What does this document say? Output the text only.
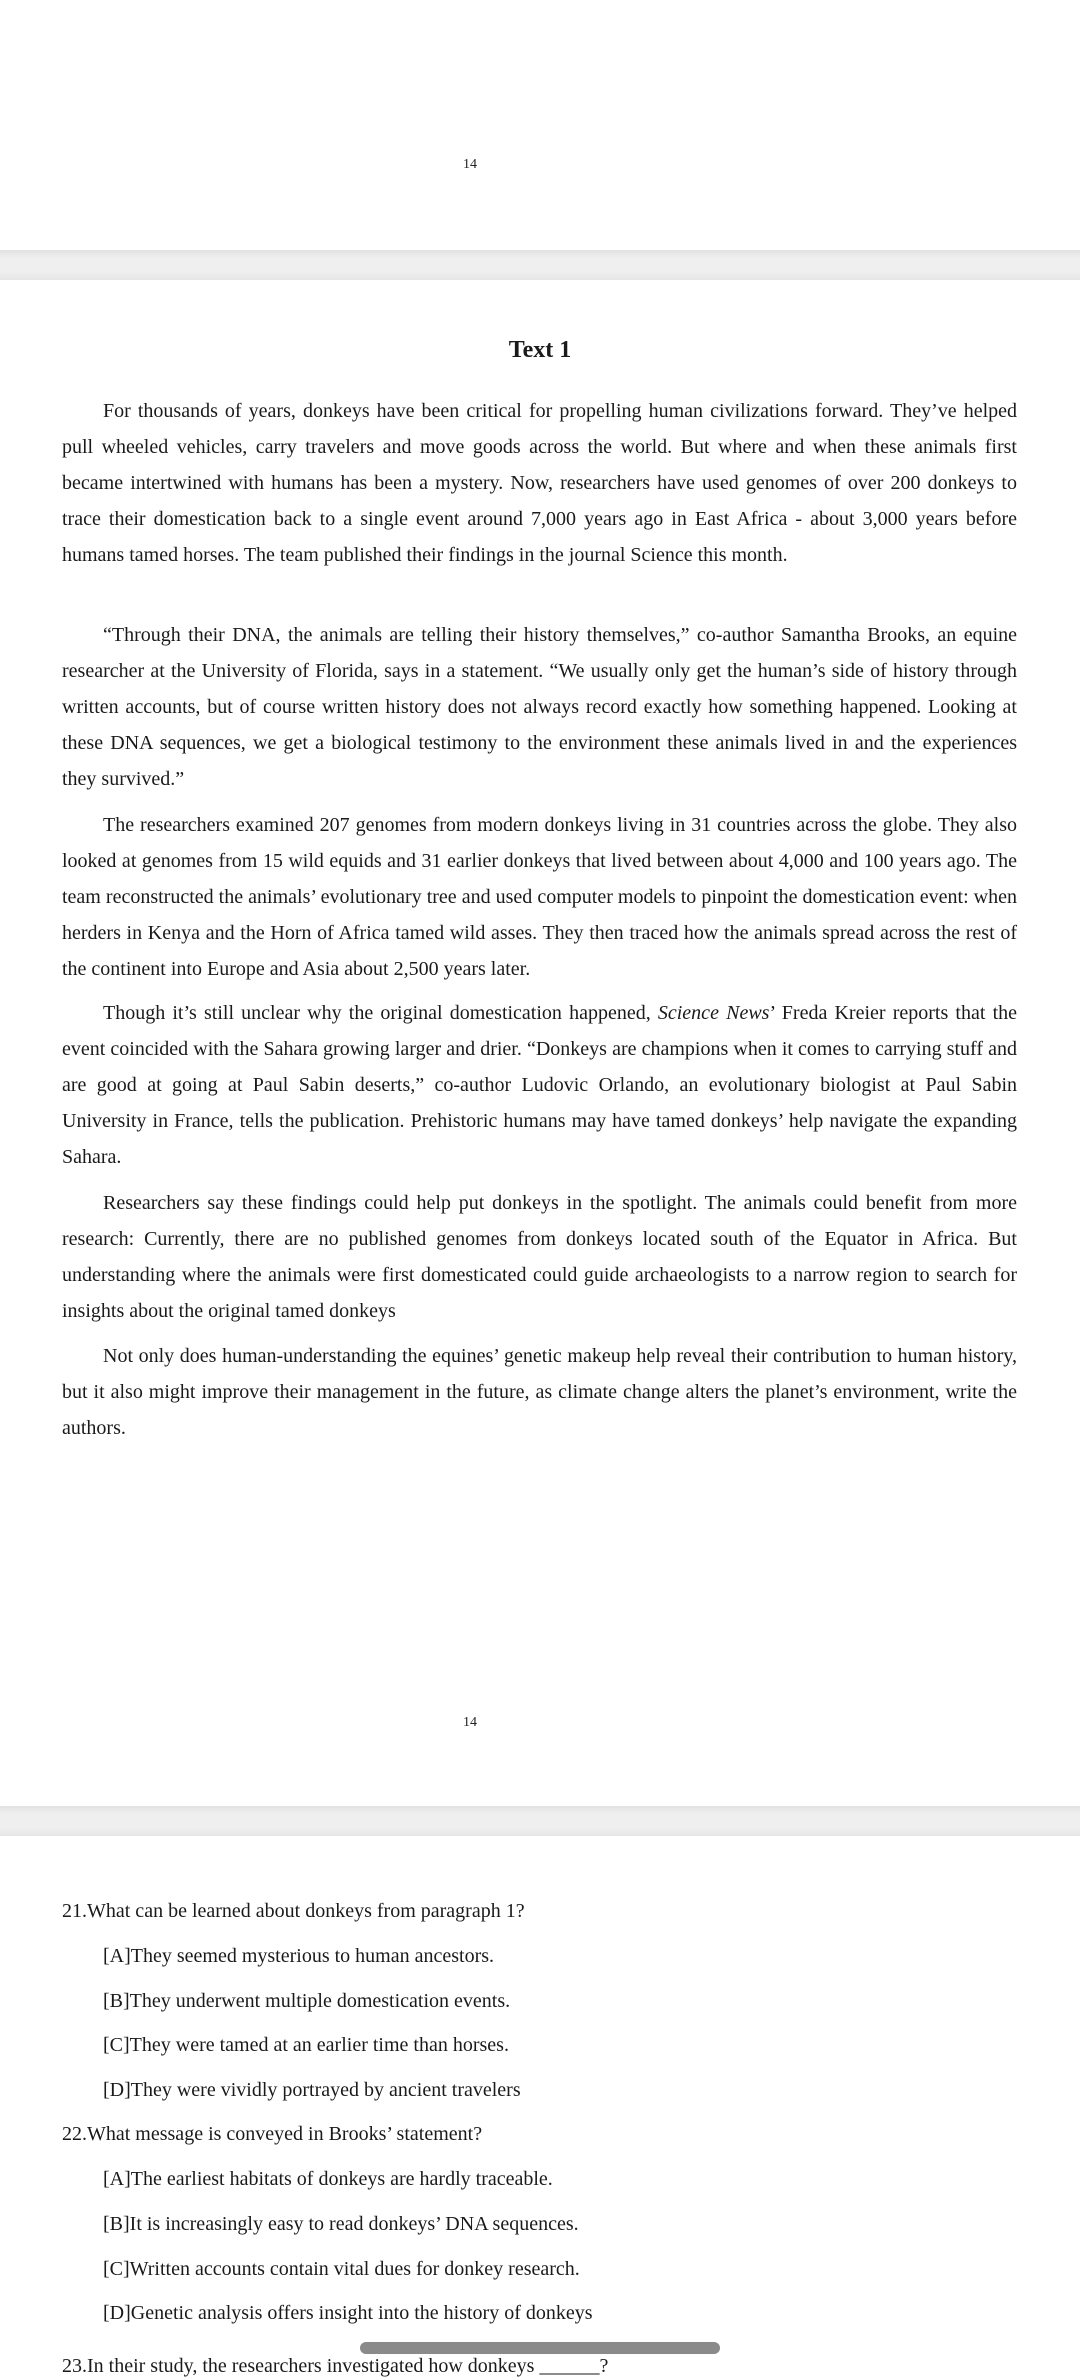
14
Text 1

For thousands of years, donkeys have been critical for propelling human civilizations forward. They’ve helped pull wheeled vehicles, carry travelers and move goods across the world. But where and when these animals first became intertwined with humans has been a mystery. Now, researchers have used genomes of over 200 donkeys to trace their domestication back to a single event around 7,000 years ago in East Africa - about 3,000 years before humans tamed horses. The team published their findings in the journal Science this month.

“Through their DNA, the animals are telling their history themselves,” co-author Samantha Brooks, an equine researcher at the University of Florida, says in a statement. “We usually only get the human’s side of history through written accounts, but of course written history does not always record exactly how something happened. Looking at these DNA sequences, we get a biological testimony to the environment these animals lived in and the experiences they survived.”

The researchers examined 207 genomes from modern donkeys living in 31 countries across the globe. They also looked at genomes from 15 wild equids and 31 earlier donkeys that lived between about 4,000 and 100 years ago. The team reconstructed the animals’ evolutionary tree and used computer models to pinpoint the domestication event: when herders in Kenya and the Horn of Africa tamed wild asses. They then traced how the animals spread across the rest of the continent into Europe and Asia about 2,500 years later.

Though it’s still unclear why the original domestication happened, Science News’ Freda Kreier reports that the event coincided with the Sahara growing larger and drier. “Donkeys are champions when it comes to carrying stuff and are good at going at Paul Sabin deserts,” co-author Ludovic Orlando, an evolutionary biologist at Paul Sabin University in France, tells the publication. Prehistoric humans may have tamed donkeys’ help navigate the expanding Sahara.

Researchers say these findings could help put donkeys in the spotlight. The animals could benefit from more research: Currently, there are no published genomes from donkeys located south of the Equator in Africa. But understanding where the animals were first domesticated could guide archaeologists to a narrow region to search for insights about the original tamed donkeys

Not only does human-understanding the equines’ genetic makeup help reveal their contribution to human history, but it also might improve their management in the future, as climate change alters the planet’s environment, write the authors.

14
21.What can be learned about donkeys from paragraph 1?
[A]They seemed mysterious to human ancestors.
[B]They underwent multiple domestication events.
[C]They were tamed at an earlier time than horses.
[D]They were vividly portrayed by ancient travelers
22.What message is conveyed in Brooks’ statement?
[A]The earliest habitats of donkeys are hardly traceable.
[B]It is increasingly easy to read donkeys’ DNA sequences.
[C]Written accounts contain vital dues for donkey research.
[D]Genetic analysis offers insight into the history of donkeys
23.In their study, the researchers investigated how donkeys ______?
